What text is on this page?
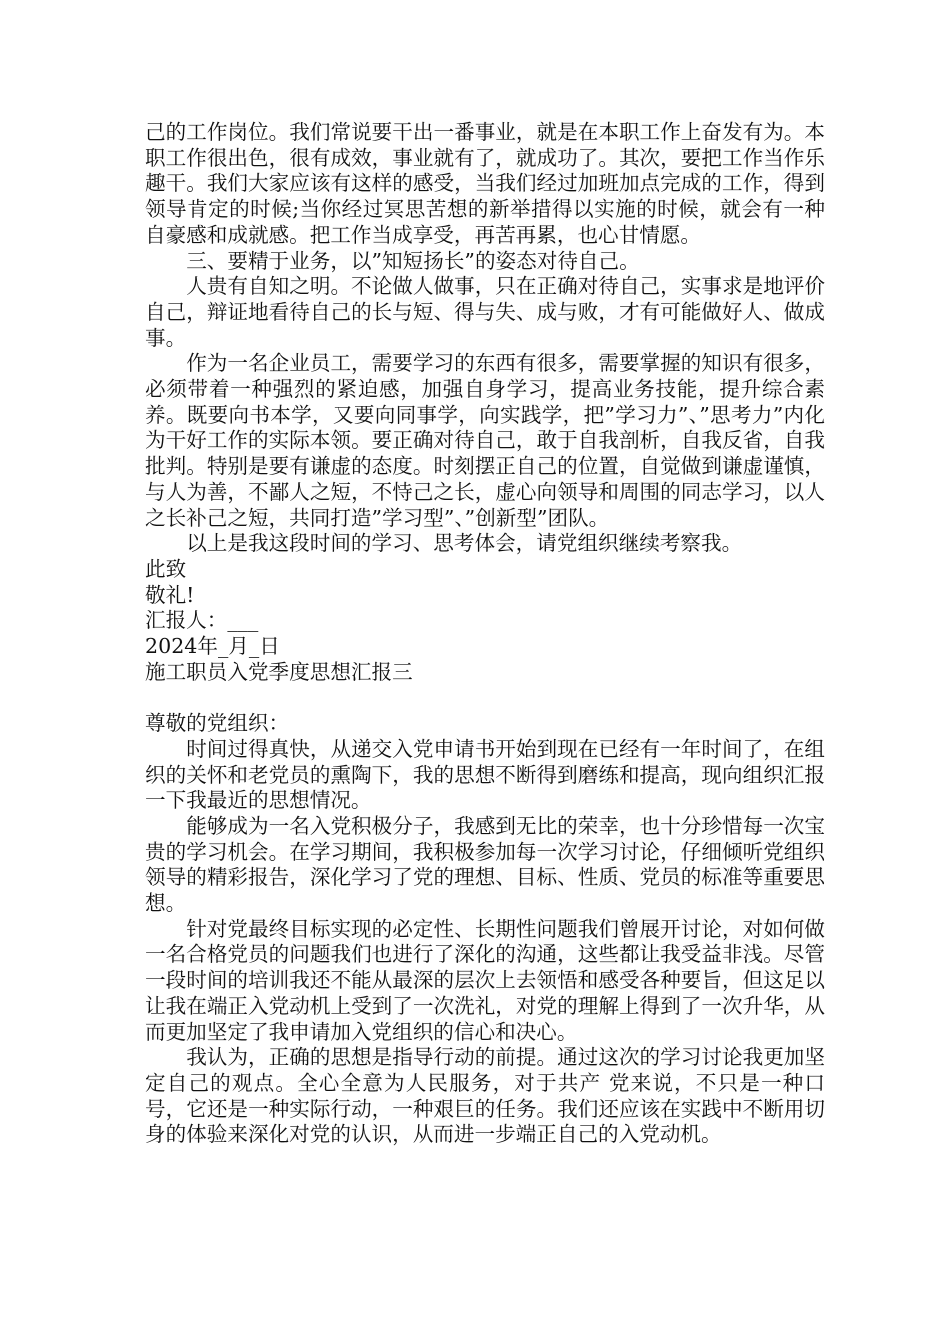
己的工作岗位。我们常说要干出一番事业，就是在本职工作上奋发有为。本职工作很出色，很有成效，事业就有了，就成功了。其次，要把工作当作乐趣干。我们大家应该有这样的感受，当我们经过加班加点完成的工作，得到领导肯定的时候;当你经过冥思苦想的新举措得以实施的时候，就会有一种自豪感和成就感。把工作当成享受，再苦再累，也心甘情愿。

三、要精于业务，以”知短扬长”的姿态对待自己。

人贵有自知之明。不论做人做事，只在正确对待自己，实事求是地评价自己，辩证地看待自己的长与短、得与失、成与败，才有可能做好人、做成事。

作为一名企业员工，需要学习的东西有很多，需要掌握的知识有很多，必须带着一种强烈的紧迫感，加强自身学习，提高业务技能，提升综合素养。既要向书本学，又要向同事学，向实践学，把”学习力”、”思考力”内化为干好工作的实际本领。要正确对待自己，敢于自我剖析，自我反省，自我批判。特别是要有谦虚的态度。时刻摆正自己的位置，自觉做到谦虚谨慎，与人为善，不鄙人之短，不恃己之长，虚心向领导和周围的同志学习，以人之长补己之短，共同打造”学习型”、”创新型”团队。

以上是我这段时间的学习、思考体会，请党组织继续考察我。

此致

敬礼!

汇报人：___

2024年_月_日

施工职员入党季度思想汇报三

尊敬的党组织：

时间过得真快，从递交入党申请书开始到现在已经有一年时间了，在组织的关怀和老党员的熏陶下，我的思想不断得到磨练和提高，现向组织汇报一下我最近的思想情况。

能够成为一名入党积极分子，我感到无比的荣幸，也十分珍惜每一次宝贵的学习机会。在学习期间，我积极参加每一次学习讨论，仔细倾听党组织领导的精彩报告，深化学习了党的理想、目标、性质、党员的标准等重要思想。

针对党最终目标实现的必定性、长期性问题我们曾展开讨论，对如何做一名合格党员的问题我们也进行了深化的沟通，这些都让我受益非浅。尽管一段时间的培训我还不能从最深的层次上去领悟和感受各种要旨，但这足以让我在端正入党动机上受到了一次洗礼，对党的理解上得到了一次升华，从而更加坚定了我申请加入党组织的信心和决心。

我认为，正确的思想是指导行动的前提。通过这次的学习讨论我更加坚定自己的观点。全心全意为人民服务，对于共产 党来说，不只是一种口号，它还是一种实际行动，一种艰巨的任务。我们还应该在实践中不断用切身的体验来深化对党的认识，从而进一步端正自己的入党动机。
